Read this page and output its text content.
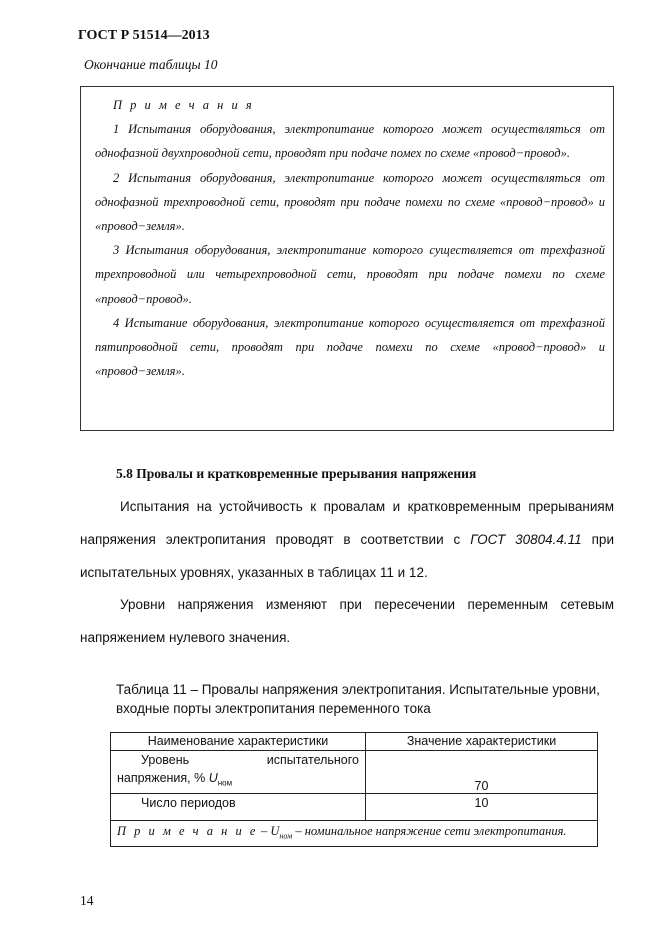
ГОСТ Р 51514—2013
Окончание таблицы 10

П р и м е ч а н и я

1 Испытания оборудования, электропитание которого может осуществляться от однофазной двухпроводной сети, проводят при подаче помех по схеме «провод−провод».

2 Испытания оборудования, электропитание которого может осуществляться от однофазной трехпроводной сети, проводят при подаче помехи по схеме «провод−провод» и «провод−земля».

3 Испытания оборудования, электропитание которого существляется от трехфазной трехпроводной или четырехпроводной сети, проводят при подаче помехи по схеме «провод−провод».

4 Испытание оборудования, электропитание которого осуществляется от трехфазной пятипроводной сети, проводят при подаче помехи по схеме «провод−провод» и «провод−земля».

5.8 Провалы и кратковременные прерывания напряжения

Испытания на устойчивость к провалам и кратковременным прерываниям напряжения электропитания проводят в соответствии с ГОСТ 30804.4.11 при испытательных уровнях, указанных в таблицах 11 и 12.

Уровни напряжения изменяют при пересечении переменным сетевым напряжением нулевого значения.

Таблица 11 – Провалы напряжения электропитания. Испытательные уровни,
входные порты электропитания переменного тока
Наименование характеристики	Значение характеристики
Уровень испытательного напряжения, % $U_{ном}$	70
Число периодов	10
П р и м е ч а н и е – $U_{ном}$ – номинальное напряжение сети электропитания.	
14
